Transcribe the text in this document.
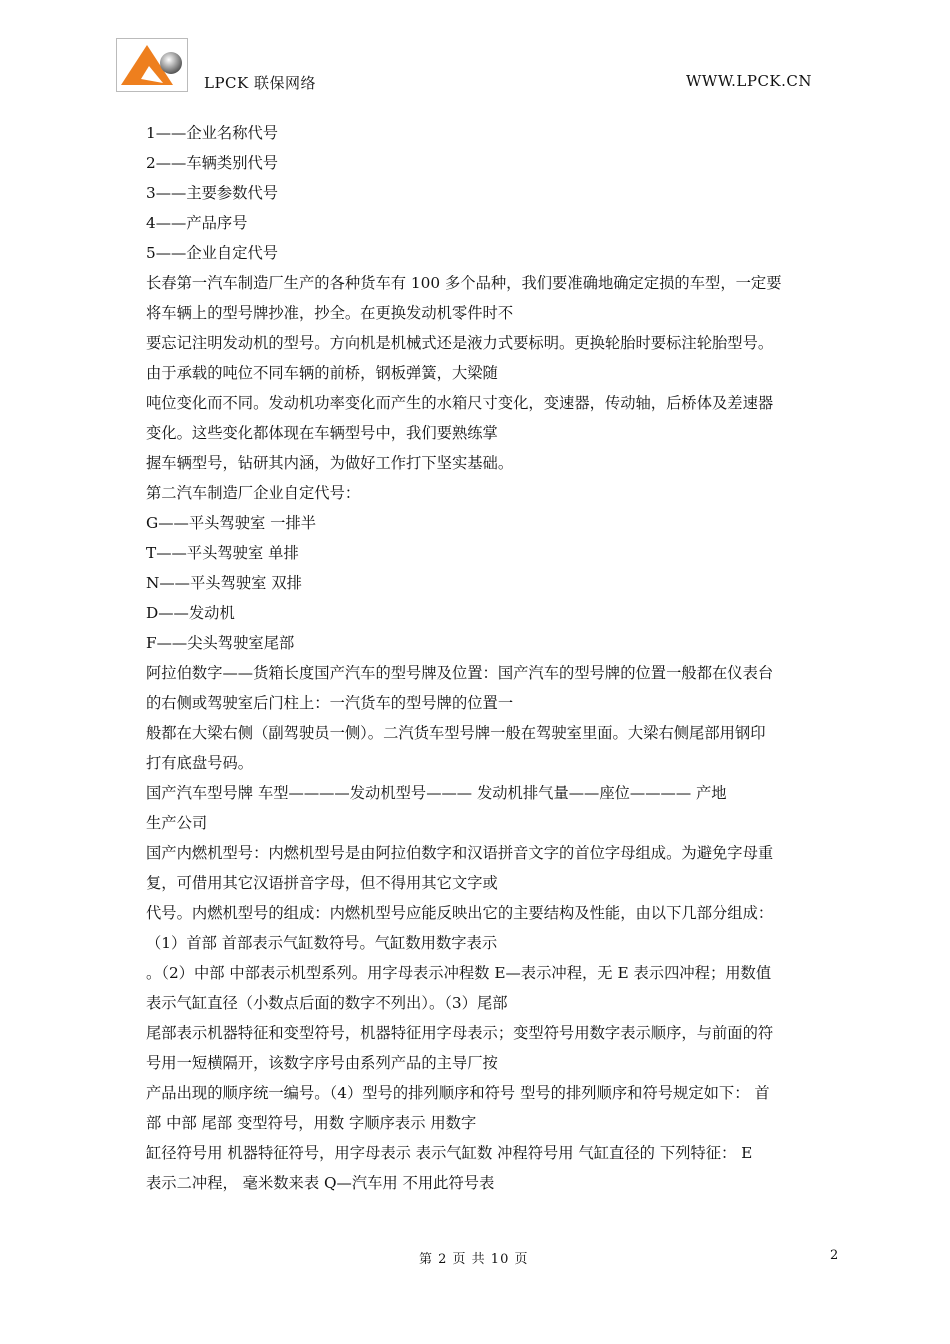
LPCK 联保网络	WWW.LPCK.CN

1——企业名称代号

2——车辆类别代号

3——主要参数代号

4——产品序号

5——企业自定代号

长春第一汽车制造厂生产的各种货车有 100 多个品种，我们要准确地确定定损的车型，一定要

将车辆上的型号牌抄准，抄全。在更换发动机零件时不

要忘记注明发动机的型号。方向机是机械式还是液力式要标明。更换轮胎时要标注轮胎型号。

由于承载的吨位不同车辆的前桥，钢板弹簧，大梁随

吨位变化而不同。发动机功率变化而产生的水箱尺寸变化，变速器，传动轴，后桥体及差速器

变化。这些变化都体现在车辆型号中，我们要熟练掌

握车辆型号，钻研其内涵，为做好工作打下坚实基础。

第二汽车制造厂企业自定代号：

G——平头驾驶室 一排半

T——平头驾驶室 单排

N——平头驾驶室 双排

D——发动机

F——尖头驾驶室尾部

阿拉伯数字——货箱长度国产汽车的型号牌及位置：国产汽车的型号牌的位置一般都在仪表台

的右侧或驾驶室后门柱上：一汽货车的型号牌的位置一

般都在大梁右侧（副驾驶员一侧）。二汽货车型号牌一般在驾驶室里面。大梁右侧尾部用钢印

打有底盘号码。

国产汽车型号牌 车型————发动机型号——— 发动机排气量——座位———— 产地

生产公司

国产内燃机型号：内燃机型号是由阿拉伯数字和汉语拼音文字的首位字母组成。为避免字母重

复，可借用其它汉语拼音字母，但不得用其它文字或

代号。内燃机型号的组成：内燃机型号应能反映出它的主要结构及性能，由以下几部分组成：

（1）首部 首部表示气缸数符号。气缸数用数字表示

。（2）中部 中部表示机型系列。用字母表示冲程数 E—表示冲程，无 E 表示四冲程；用数值

表示气缸直径（小数点后面的数字不列出）。（3）尾部

尾部表示机器特征和变型符号，机器特征用字母表示；变型符号用数字表示顺序，与前面的符

号用一短横隔开，该数字序号由系列产品的主导厂按

产品出现的顺序统一编号。（4）型号的排列顺序和符号 型号的排列顺序和符号规定如下： 首

部 中部 尾部 变型符号，用数 字顺序表示 用数字

缸径符号用 机器特征符号，用字母表示 表示气缸数 冲程符号用 气缸直径的 下列特征： E

表示二冲程， 毫米数来表 Q—汽车用 不用此符号表

第 2 页 共 10 页	2
